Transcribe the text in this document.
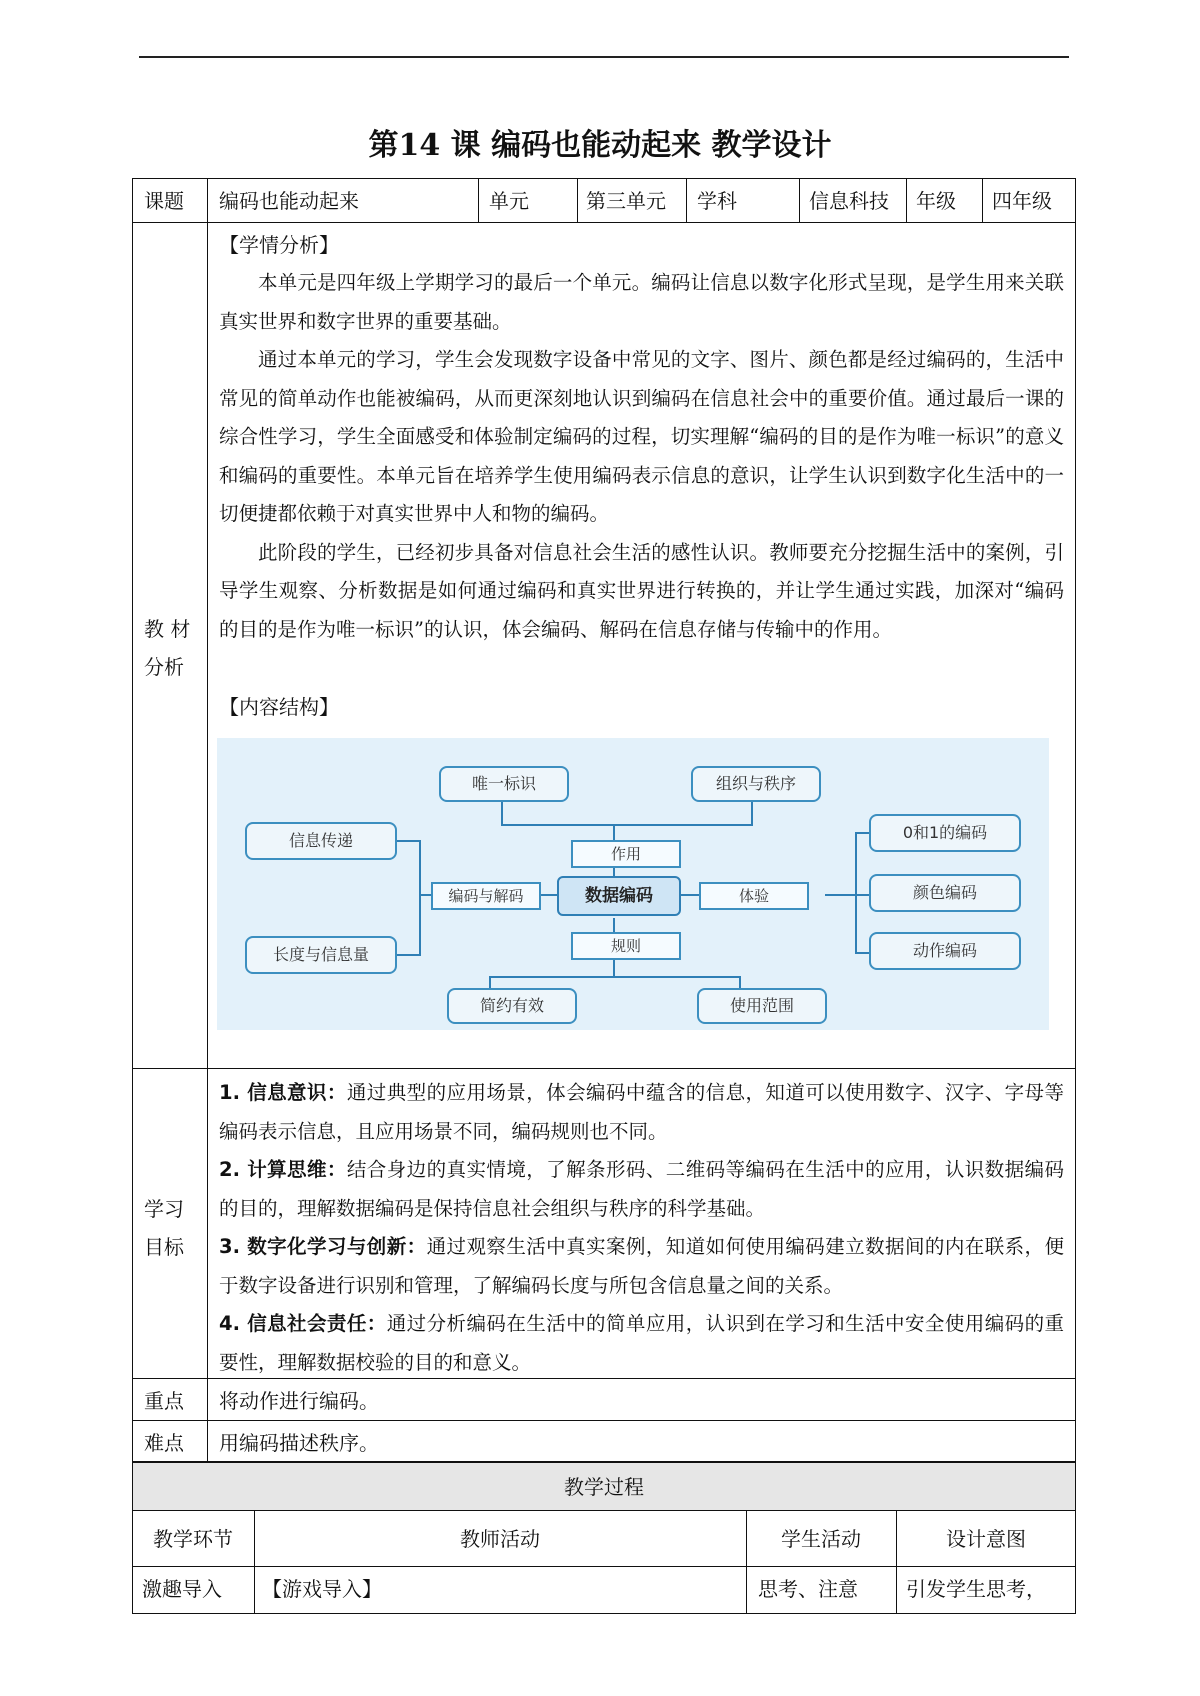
第14 课 编码也能动起来 教学设计
课题 编码也能动起来	单元	第三单元 学科	信息科技 年级 四年级
教 材
分析
【学情分析】

本单元是四年级上学期学习的最后一个单元。编码让信息以数字化形式呈现，是学生用来关联真实世界和数字世界的重要基础。

通过本单元的学习，学生会发现数字设备中常见的文字、图片、颜色都是经过编码的，生活中常见的简单动作也能被编码，从而更深刻地认识到编码在信息社会中的重要价值。通过最后一课的综合性学习，学生全面感受和体验制定编码的过程，切实理解“编码的目的是作为唯一标识”的意义和编码的重要性。本单元旨在培养学生使用编码表示信息的意识，让学生认识到数字化生活中的一切便捷都依赖于对真实世界中人和物的编码。

此阶段的学生，已经初步具备对信息社会生活的感性认识。教师要充分挖掘生活中的案例，引导学生观察、分析数据是如何通过编码和真实世界进行转换的，并让学生通过实践，加深对“编码的目的是作为唯一标识”的认识，体会编码、解码在信息存储与传输中的作用。

【内容结构】
唯一标识	组织与秩序
作用
信息传递
长度与信息量
编码与解码	数据编码	体验
0和1的编码
颜色编码
动作编码
规则
简约有效	使用范围
学习
目标

1. 信息意识：通过典型的应用场景，体会编码中蕴含的信息，知道可以使用数字、汉字、字母等编码表示信息，且应用场景不同，编码规则也不同。

2. 计算思维：结合身边的真实情境，了解条形码、二维码等编码在生活中的应用，认识数据编码的目的，理解数据编码是保持信息社会组织与秩序的科学基础。

3. 数字化学习与创新：通过观察生活中真实案例，知道如何使用编码建立数据间的内在联系，便于数字设备进行识别和管理，了解编码长度与所包含信息量之间的关系。

4. 信息社会责任：通过分析编码在生活中的简单应用，认识到在学习和生活中安全使用编码的重要性，理解数据校验的目的和意义。

重点 将动作进行编码。
难点 用编码描述秩序。
教学过程
教学环节	教师活动	学生活动	设计意图
激趣导入 【游戏导入】	思考、注意 引发学生思考，
